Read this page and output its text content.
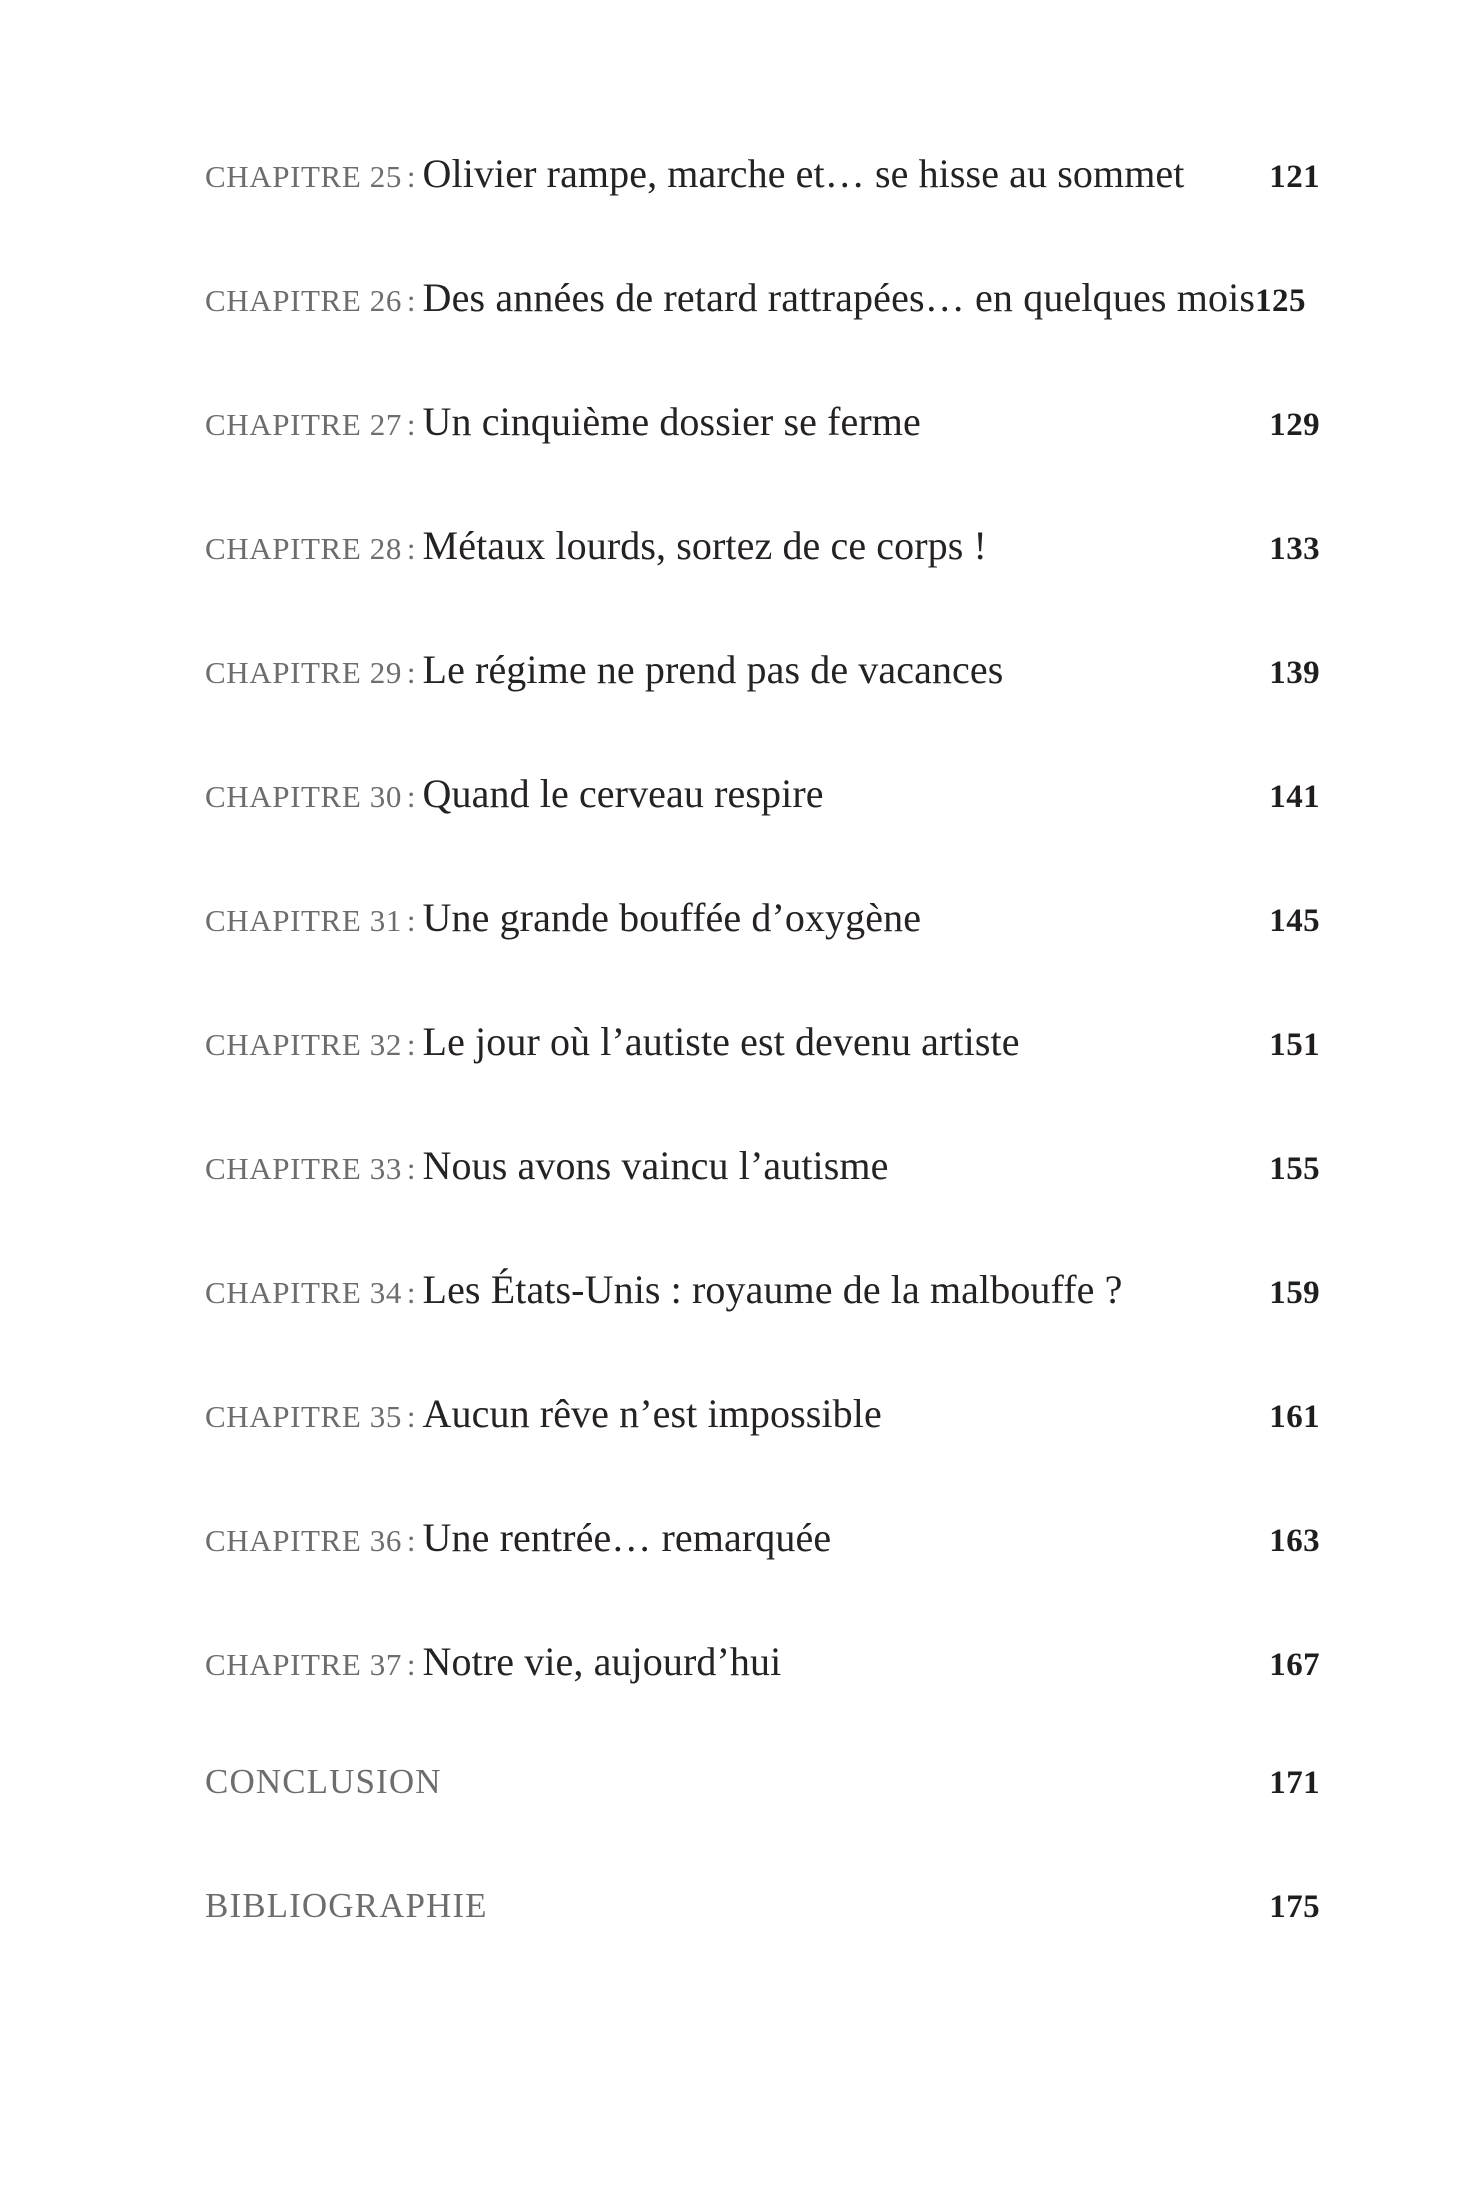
CHAPITRE 25 : Olivier rampe, marche et… se hisse au sommet	121
CHAPITRE 26 : Des années de retard rattrapées… en quelques mois 125
CHAPITRE 27 : Un cinquième dossier se ferme	129
CHAPITRE 28 : Métaux lourds, sortez de ce corps !	133
CHAPITRE 29 : Le régime ne prend pas de vacances	139
CHAPITRE 30 : Quand le cerveau respire	141
CHAPITRE 31 : Une grande bouffée d’oxygène	145
CHAPITRE 32 : Le jour où l’autiste est devenu artiste	151
CHAPITRE 33 : Nous avons vaincu l’autisme	155
CHAPITRE 34 : Les États-Unis : royaume de la malbouffe ?	159
CHAPITRE 35 : Aucun rêve n’est impossible	161
CHAPITRE 36 : Une rentrée… remarquée	163
CHAPITRE 37 : Notre vie, aujourd’hui	167
CONCLUSION	171
BIBLIOGRAPHIE	175
